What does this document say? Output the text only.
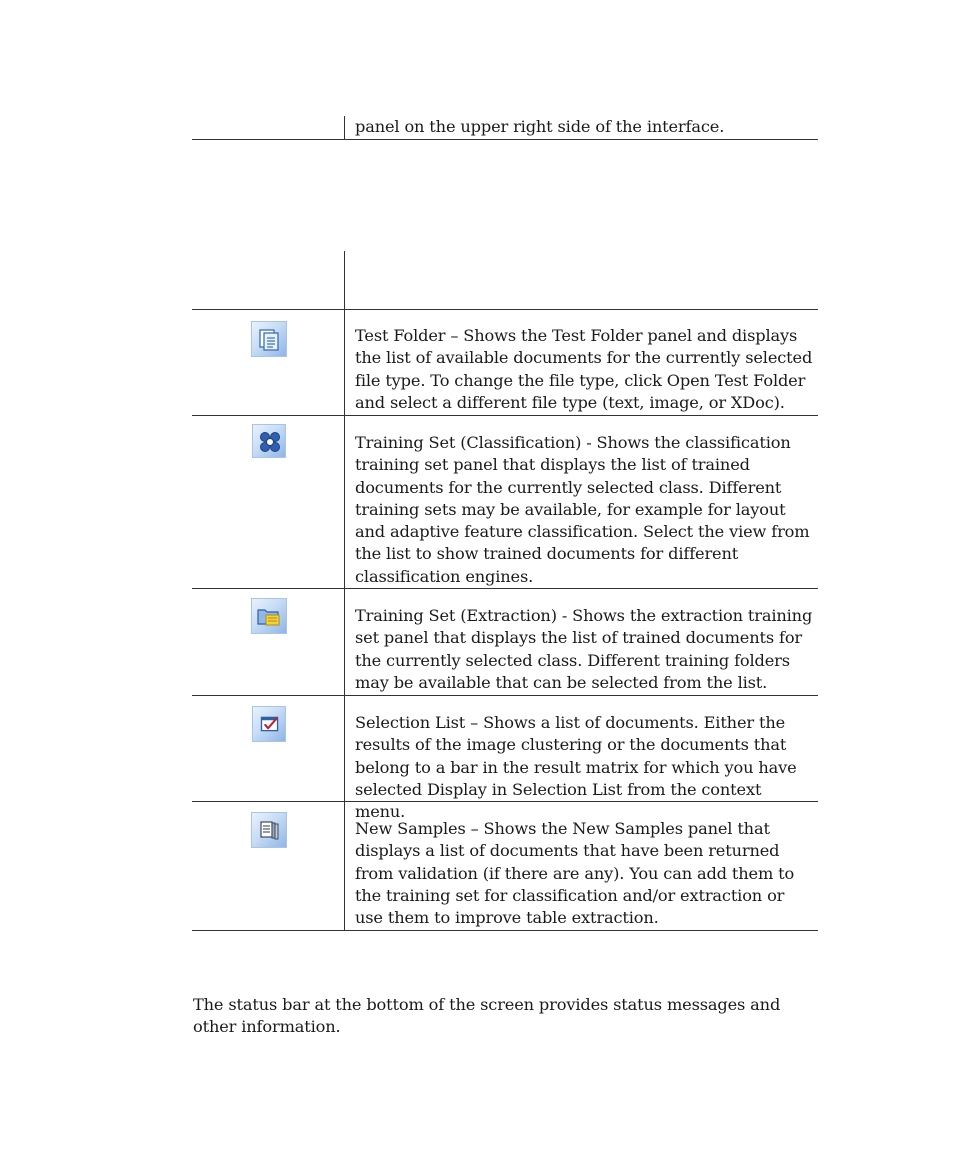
panel on the upper right side of the interface.

Test Folder – Shows the Test Folder panel and displays the list of available documents for the currently selected file type. To change the file type, click Open Test Folder and select a different file type (text, image, or XDoc).

Training Set (Classification) - Shows the classification training set panel that displays the list of trained documents for the currently selected class. Different training sets may be available, for example for layout and adaptive feature classification. Select the view from the list to show trained documents for different classification engines.

Training Set (Extraction) - Shows the extraction training set panel that displays the list of trained documents for the currently selected class. Different training folders may be available that can be selected from the list.

Selection List – Shows a list of documents. Either the results of the image clustering or the documents that belong to a bar in the result matrix for which you have selected Display in Selection List from the context menu.

New Samples – Shows the New Samples panel that displays a list of documents that have been returned from validation (if there are any). You can add them to the training set for classification and/or extraction or use them to improve table extraction.

The status bar at the bottom of the screen provides status messages and other information.
